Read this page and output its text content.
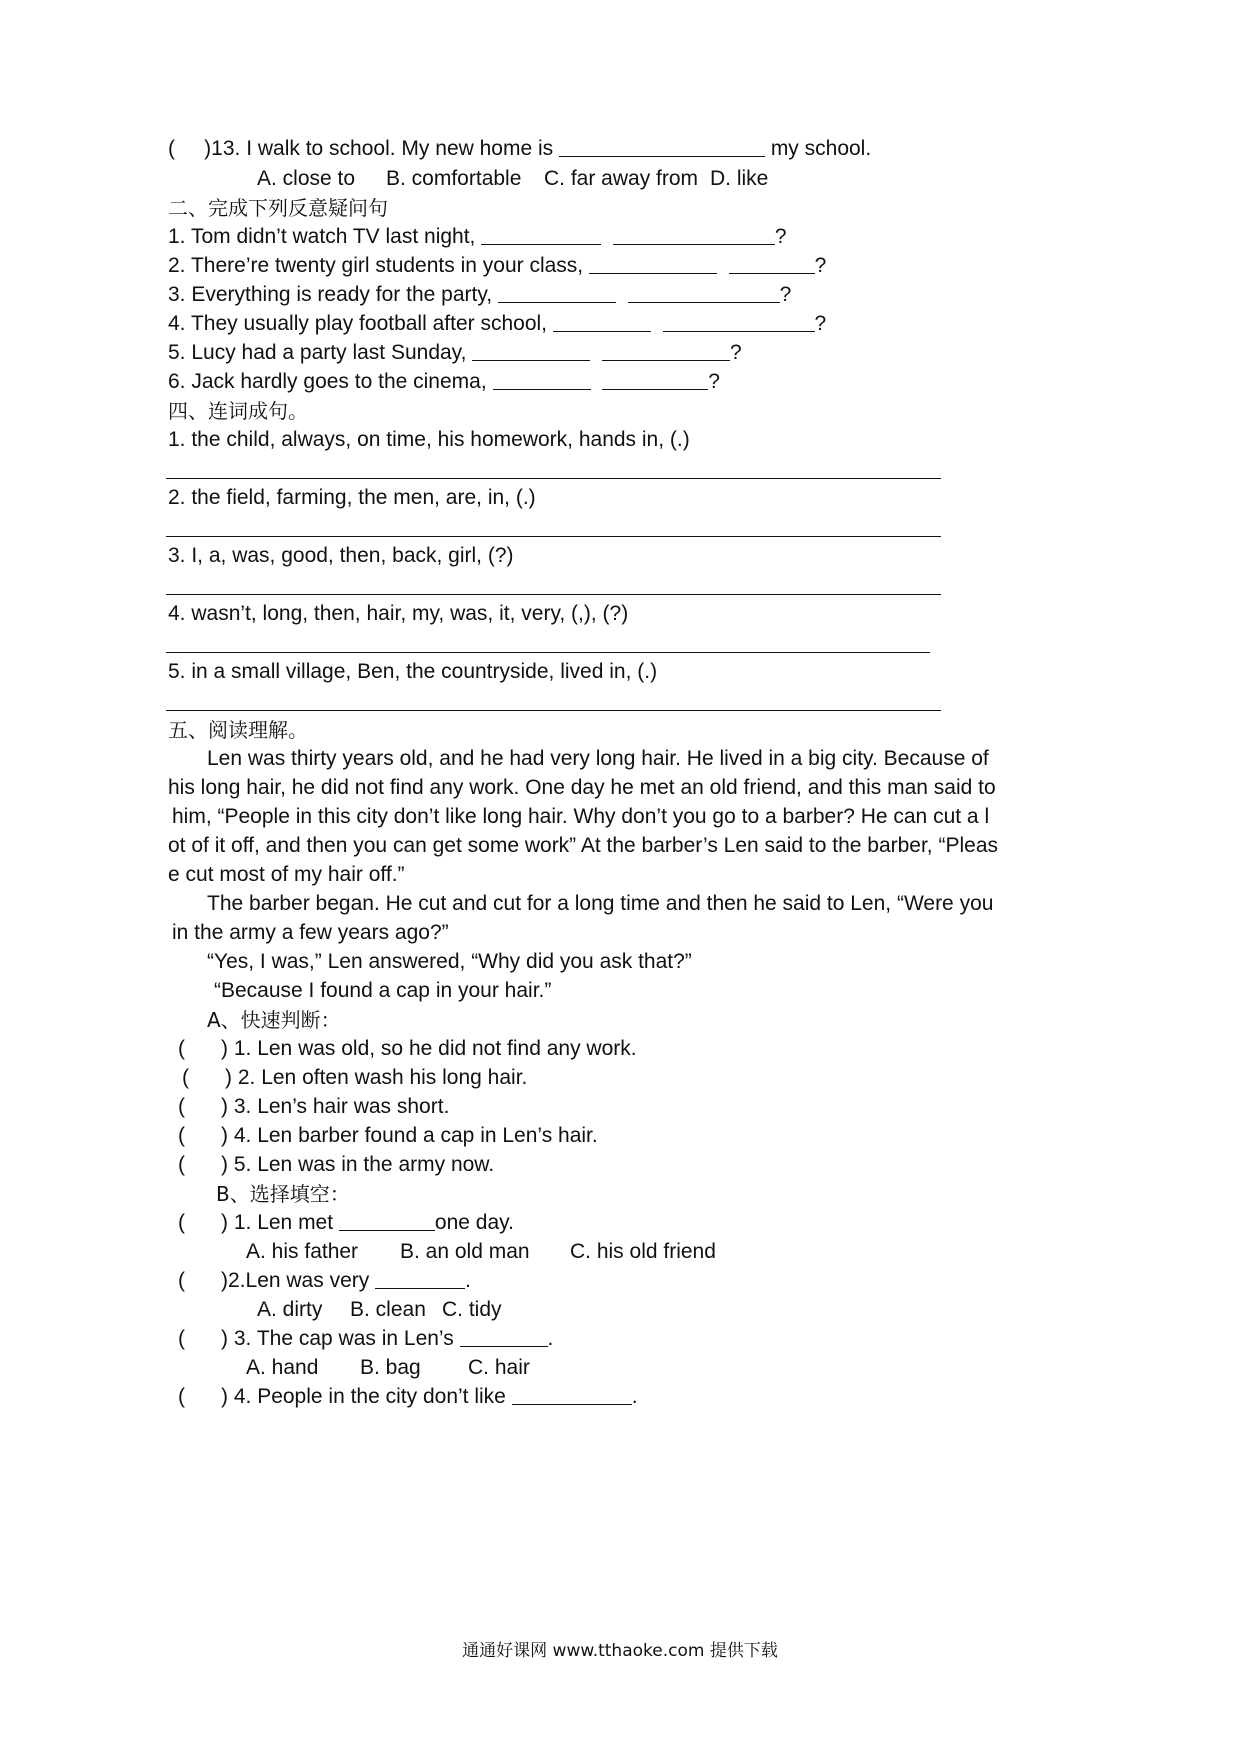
(     )13. I walk to school. My new home is	my school.
A. close to B. comfortable C. far away from D. like
二、完成下列反意疑问句
1. Tom didn’t watch TV last night,	?
2. There’re twenty girl students in your class,	?
3. Everything is ready for the party,	?
4. They usually play football after school,	?
5. Lucy had a party last Sunday,	?
6. Jack hardly goes to the cinema,	?
四、连词成句。
1. the child, always, on time, his homework, hands in, (.)
2. the field, farming, the men, are, in, (.)
3. I, a, was, good, then, back, girl, (?)
4. wasn’t, long, then, hair, my, was, it, very, (,), (?)
5. in a small village, Ben, the countryside, lived in, (.)
五、阅读理解。
Len was thirty years old, and he had very long hair. He lived in a big city. Because of
his long hair, he did not find any work. One day he met an old friend, and this man said to
him, “People in this city don’t like long hair. Why don’t you go to a barber? He can cut a l
ot of it off, and then you can get some work” At the barber’s Len said to the barber, “Pleas
e cut most of my hair off.”
The barber began. He cut and cut for a long time and then he said to Len, “Were you
in the army a few years ago?”
“Yes, I was,” Len answered, “Why did you ask that?”
“Because I found a cap in your hair.”
A、快速判断：
( ) 1. Len was old, so he did not find any work.
( ) 2. Len often wash his long hair.
( ) 3. Len’s hair was short.
( ) 4. Len barber found a cap in Len’s hair.
( ) 5. Len was in the army now.
B、选择填空：
( ) 1. Len met	one day.
A. his father B. an old man C. his old friend
( )2.Len was very	.
A. dirty B. clean C. tidy
( ) 3. The cap was in Len’s	.
A. hand B. bag C. hair
( ) 4. People in the city don’t like	.
通通好课网 www.tthaoke.com 提供下载
